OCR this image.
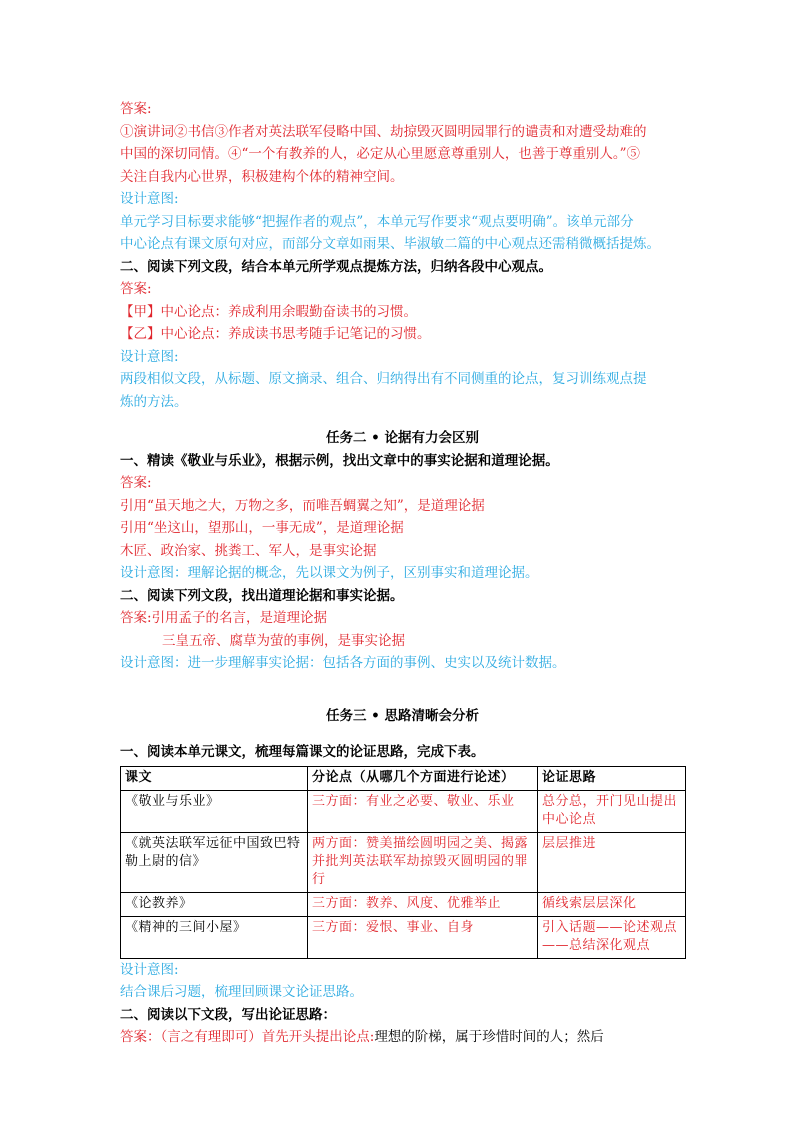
答案:
①演讲词②书信③作者对英法联军侵略中国、劫掠毁灭圆明园罪行的谴责和对遭受劫难的
中国的深切同情。④“一个有教养的人，必定从心里愿意尊重别人，也善于尊重别人。”⑤
关注自我内心世界，积极建构个体的精神空间。
设计意图:
单元学习目标要求能够“把握作者的观点”，本单元写作要求“观点要明确”。该单元部分
中心论点有课文原句对应，而部分文章如雨果、毕淑敏二篇的中心观点还需稍微概括提炼。
二、阅读下列文段，结合本单元所学观点提炼方法，归纳各段中心观点。
答案:
【甲】中心论点：养成利用余暇勤奋读书的习惯。
【乙】中心论点：养成读书思考随手记笔记的习惯。
设计意图:
两段相似文段，从标题、原文摘录、组合、归纳得出有不同侧重的论点，复习训练观点提
炼的方法。
任务二 • 论据有力会区别
一、精读《敬业与乐业》，根据示例，找出文章中的事实论据和道理论据。
答案:
引用“虽天地之大，万物之多，而唯吾蜩翼之知”，是道理论据
引用“坐这山，望那山，一事无成”，是道理论据
木匠、政治家、挑粪工、军人，是事实论据
设计意图：理解论据的概念，先以课文为例子，区别事实和道理论据。
二、阅读下列文段，找出道理论据和事实论据。
答案:引用孟子的名言，是道理论据
三皇五帝、腐草为萤的事例，是事实论据
设计意图：进一步理解事实论据：包括各方面的事例、史实以及统计数据。
任务三 • 思路清晰会分析
一、阅读本单元课文，梳理每篇课文的论证思路，完成下表。
课文	分论点（从哪几个方面进行论述）	论证思路
《敬业与乐业》	三方面：有业之必要、敬业、乐业	总分总，开门见山提出中心论点
《就英法联军远征中国致巴特勒上尉的信》	两方面：赞美描绘圆明园之美、揭露并批判英法联军劫掠毁灭圆明园的罪行	层层推进
《论教养》	三方面：教养、风度、优雅举止	循线索层层深化
《精神的三间小屋》	三方面：爱恨、事业、自身	引入话题——论述观点——总结深化观点
设计意图:
结合课后习题，梳理回顾课文论证思路。
二、阅读以下文段，写出论证思路：
答案：（言之有理即可）首先开头提出论点:理想的阶梯，属于珍惜时间的人；然后
